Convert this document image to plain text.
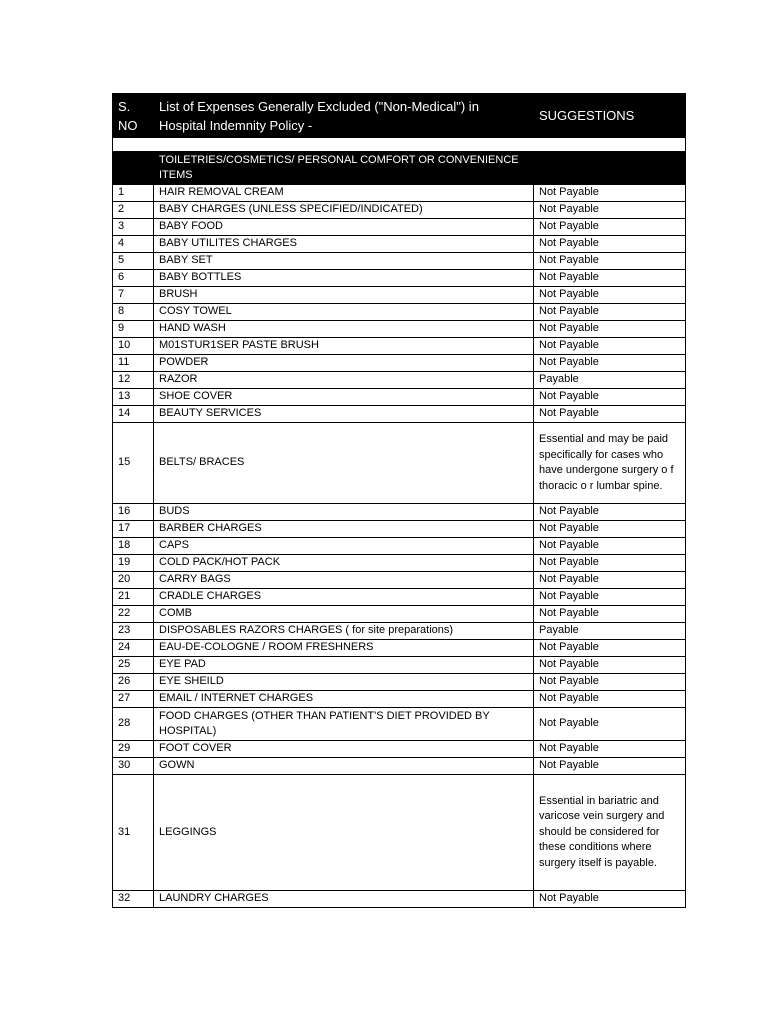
S. NO	List of Expenses Generally Excluded ("Non-Medical") in Hospital Indemnity Policy -	SUGGESTIONS

	TOILETRIES/COSMETICS/ PERSONAL COMFORT OR CONVENIENCE ITEMS	
1	HAIR REMOVAL CREAM	Not Payable
2	BABY CHARGES (UNLESS SPECIFIED/INDICATED)	Not Payable
3	BABY FOOD	Not Payable
4	BABY UTILITES CHARGES	Not Payable
5	BABY SET	Not Payable
6	BABY BOTTLES	Not Payable
7	BRUSH	Not Payable
8	COSY TOWEL	Not Payable
9	HAND WASH	Not Payable
10	M01STUR1SER PASTE BRUSH	Not Payable
11	POWDER	Not Payable
12	RAZOR	Payable
13	SHOE COVER	Not Payable
14	BEAUTY SERVICES	Not Payable
15	BELTS/ BRACES	Essential and may be paid specifically for cases who have undergone surgery o f thoracic o r lumbar spine.
16	BUDS	Not Payable
17	BARBER CHARGES	Not Payable
18	CAPS	Not Payable
19	COLD PACK/HOT PACK	Not Payable
20	CARRY BAGS	Not Payable
21	CRADLE CHARGES	Not Payable
22	COMB	Not Payable
23	DISPOSABLES RAZORS CHARGES ( for site preparations)	Payable
24	EAU-DE-COLOGNE / ROOM FRESHNERS	Not Payable
25	EYE PAD	Not Payable
26	EYE SHEILD	Not Payable
27	EMAIL / INTERNET CHARGES	Not Payable
28	FOOD CHARGES (OTHER THAN PATIENT'S DIET PROVIDED BY HOSPITAL)	Not Payable
29	FOOT COVER	Not Payable
30	GOWN	Not Payable
31	LEGGINGS	Essential in bariatric and varicose vein surgery and should be considered for these conditions where surgery itself is payable.
32	LAUNDRY CHARGES	Not Payable
